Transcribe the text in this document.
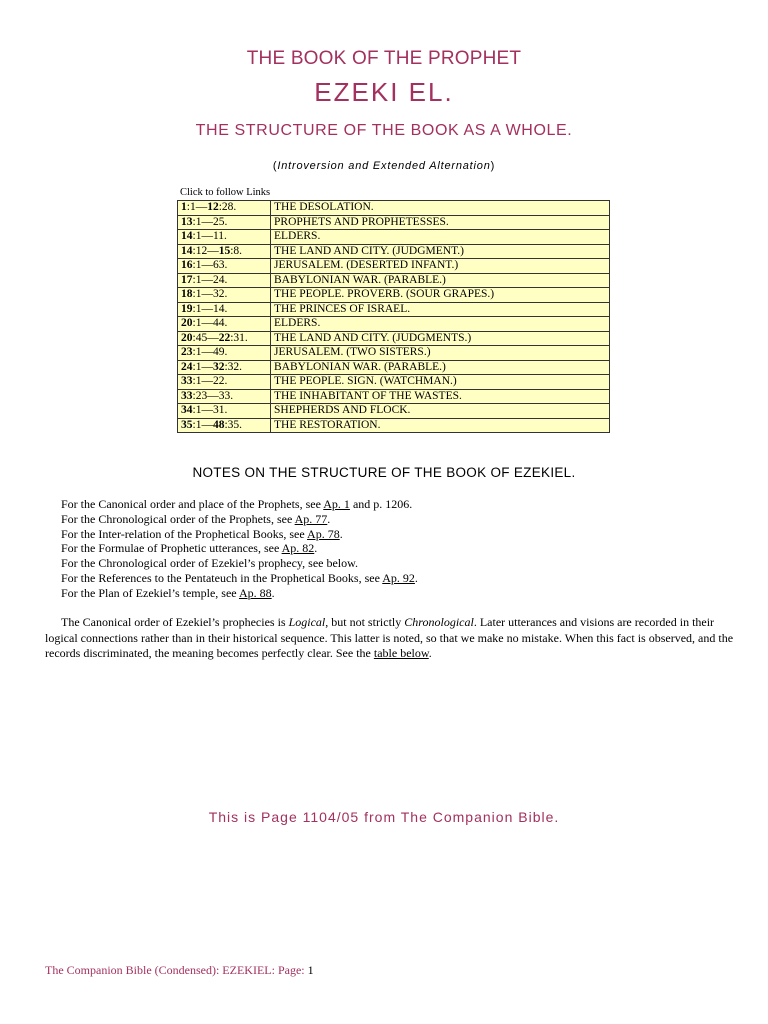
THE BOOK OF THE PROPHET
EZEKI EL.
THE STRUCTURE OF THE BOOK AS A WHOLE.
(Introversion and Extended Alternation)
Click to follow Links
1:1—12:28.	THE DESOLATION.
13:1—25.	PROPHETS AND PROPHETESSES.
14:1—11.	ELDERS.
14:12—15:8.	THE LAND AND CITY. (JUDGMENT.)
16:1—63.	JERUSALEM. (DESERTED INFANT.)
17:1—24.	BABYLONIAN WAR. (PARABLE.)
18:1—32.	THE PEOPLE. PROVERB. (SOUR GRAPES.)
19:1—14.	THE PRINCES OF ISRAEL.
20:1—44.	ELDERS.
20:45—22:31.	THE LAND AND CITY. (JUDGMENTS.)
23:1—49.	JERUSALEM. (TWO SISTERS.)
24:1—32:32.	BABYLONIAN WAR. (PARABLE.)
33:1—22.	THE PEOPLE. SIGN. (WATCHMAN.)
33:23—33.	THE INHABITANT OF THE WASTES.
34:1—31.	SHEPHERDS AND FLOCK.
35:1—48:35.	THE RESTORATION.
NOTES ON THE STRUCTURE OF THE BOOK OF EZEKIEL.
For the Canonical order and place of the Prophets, see Ap. 1 and p. 1206.
For the Chronological order of the Prophets, see Ap. 77.
For the Inter-relation of the Prophetical Books, see Ap. 78.
For the Formulae of Prophetic utterances, see Ap. 82.
For the Chronological order of Ezekiel’s prophecy, see below.
For the References to the Pentateuch in the Prophetical Books, see Ap. 92.
For the Plan of Ezekiel’s temple, see Ap. 88.
The Canonical order of Ezekiel’s prophecies is Logical, but not strictly Chronological. Later utterances and visions are recorded in their logical connections rather than in their historical sequence. This latter is noted, so that we make no mistake. When this fact is observed, and the records discriminated, the meaning becomes perfectly clear. See the table below.
This is Page 1104/05 from The Companion Bible.
The Companion Bible (Condensed): EZEKIEL: Page: 1
